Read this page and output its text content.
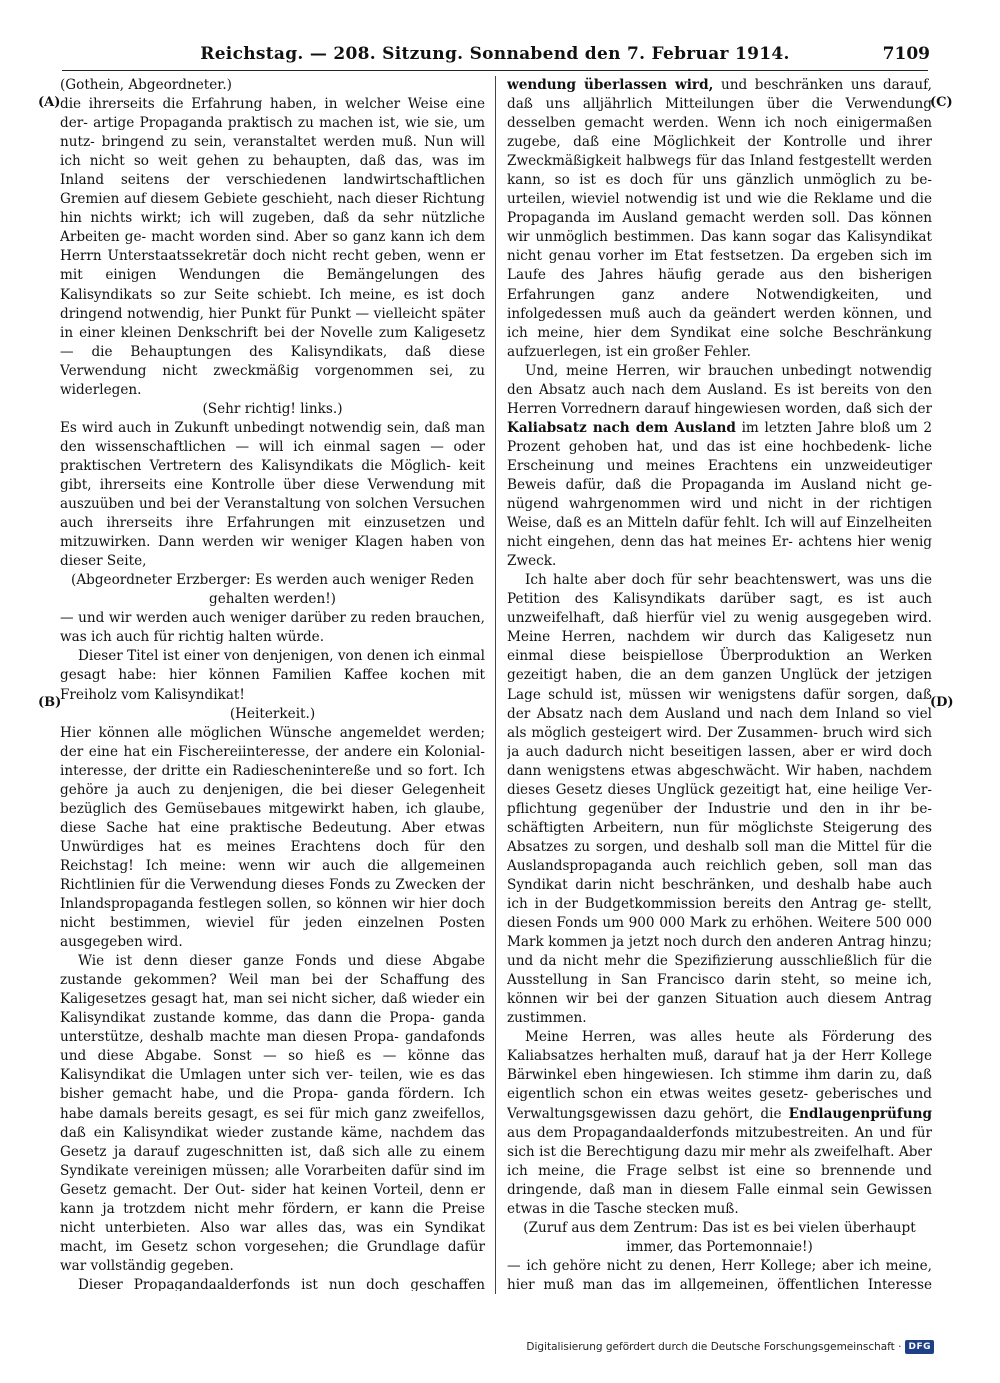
Reichstag. — 208. Sitzung. Sonnabend den 7. Februar 1914.	7109
(A)
(B)
(C)
(D)

(Gothein, Abgeordneter.)

die ihrerseits die Erfahrung haben, in welcher Weise eine der- artige Propaganda praktisch zu machen ist, wie sie, um nutz- bringend zu sein, veranstaltet werden muß. Nun will ich nicht so weit gehen zu behaupten, daß das, was im Inland seitens der verschiedenen landwirtschaftlichen Gremien auf diesem Gebiete geschieht, nach dieser Richtung hin nichts wirkt; ich will zugeben, daß da sehr nützliche Arbeiten ge- macht worden sind. Aber so ganz kann ich dem Herrn Unterstaatssekretär doch nicht recht geben, wenn er mit einigen Wendungen die Bemängelungen des Kalisyndikats so zur Seite schiebt. Ich meine, es ist doch dringend notwendig, hier Punkt für Punkt — vielleicht später in einer kleinen Denkschrift bei der Novelle zum Kaligesetz — die Behauptungen des Kalisyndikats, daß diese Verwendung nicht zweckmäßig vorgenommen sei, zu widerlegen.

(Sehr richtig! links.)

Es wird auch in Zukunft unbedingt notwendig sein, daß man den wissenschaftlichen — will ich einmal sagen — oder praktischen Vertretern des Kalisyndikats die Möglich- keit gibt, ihrerseits eine Kontrolle über diese Verwendung mit auszuüben und bei der Veranstaltung von solchen Versuchen auch ihrerseits ihre Erfahrungen mit einzusetzen und mitzuwirken. Dann werden wir weniger Klagen haben von dieser Seite,

(Abgeordneter Erzberger: Es werden auch weniger Reden gehalten werden!)

— und wir werden auch weniger darüber zu reden brauchen, was ich auch für richtig halten würde.

Dieser Titel ist einer von denjenigen, von denen ich einmal gesagt habe: hier können Familien Kaffee kochen mit Freiholz vom Kalisyndikat!

(Heiterkeit.)

Hier können alle möglichen Wünsche angemeldet werden; der eine hat ein Fischereiinteresse, der andere ein Kolonial- interesse, der dritte ein Radieschenintereße und so fort. Ich gehöre ja auch zu denjenigen, die bei dieser Gelegenheit bezüglich des Gemüsebaues mitgewirkt haben, ich glaube, diese Sache hat eine praktische Bedeutung. Aber etwas Unwürdiges hat es meines Erachtens doch für den Reichstag! Ich meine: wenn wir auch die allgemeinen Richtlinien für die Verwendung dieses Fonds zu Zwecken der Inlandspropaganda festlegen sollen, so können wir hier doch nicht bestimmen, wieviel für jeden einzelnen Posten ausgegeben wird.

Wie ist denn dieser ganze Fonds und diese Abgabe zustande gekommen? Weil man bei der Schaffung des Kaligesetzes gesagt hat, man sei nicht sicher, daß wieder ein Kalisyndikat zustande komme, das dann die Propa- ganda unterstütze, deshalb machte man diesen Propa- gandafonds und diese Abgabe. Sonst — so hieß es — könne das Kalisyndikat die Umlagen unter sich ver- teilen, wie es das bisher gemacht habe, und die Propa- ganda fördern. Ich habe damals bereits gesagt, es sei für mich ganz zweifellos, daß ein Kalisyndikat wieder zustande käme, nachdem das Gesetz ja darauf zugeschnitten ist, daß sich alle zu einem Syndikate vereinigen müssen; alle Vorarbeiten dafür sind im Gesetz gemacht. Der Out- sider hat keinen Vorteil, denn er kann ja trotzdem nicht mehr fördern, er kann die Preise nicht unterbieten. Also war alles das, was ein Syndikat macht, im Gesetz schon vorgesehen; die Grundlage dafür war vollständig gegeben.

Dieser Propagandaalderfonds ist nun doch geschaffen

wendung überlassen wird, und beschränken uns darauf, daß uns alljährlich Mitteilungen über die Verwendung desselben gemacht werden. Wenn ich noch einigermaßen zugebe, daß eine Möglichkeit der Kontrolle und ihrer Zweckmäßigkeit halbwegs für das Inland festgestellt werden kann, so ist es doch für uns gänzlich unmöglich zu be- urteilen, wieviel notwendig ist und wie die Reklame und die Propaganda im Ausland gemacht werden soll. Das können wir unmöglich bestimmen. Das kann sogar das Kalisyndikat nicht genau vorher im Etat festsetzen. Da ergeben sich im Laufe des Jahres häufig gerade aus den bisherigen Erfahrungen ganz andere Notwendigkeiten, und infolgedessen muß auch da geändert werden können, und ich meine, hier dem Syndikat eine solche Beschränkung aufzuerlegen, ist ein großer Fehler.

Und, meine Herren, wir brauchen unbedingt notwendig den Absatz auch nach dem Ausland. Es ist bereits von den Herren Vorrednern darauf hingewiesen worden, daß sich der Kaliabsatz nach dem Ausland im letzten Jahre bloß um 2 Prozent gehoben hat, und das ist eine hochbedenk- liche Erscheinung und meines Erachtens ein unzweideutiger Beweis dafür, daß die Propaganda im Ausland nicht ge- nügend wahrgenommen wird und nicht in der richtigen Weise, daß es an Mitteln dafür fehlt. Ich will auf Einzelheiten nicht eingehen, denn das hat meines Er- achtens hier wenig Zweck.

Ich halte aber doch für sehr beachtenswert, was uns die Petition des Kalisyndikats darüber sagt, es ist auch unzweifelhaft, daß hierfür viel zu wenig ausgegeben wird. Meine Herren, nachdem wir durch das Kaligesetz nun einmal diese beispiellose Überproduktion an Werken gezeitigt haben, die an dem ganzen Unglück der jetzigen Lage schuld ist, müssen wir wenigstens dafür sorgen, daß der Absatz nach dem Ausland und nach dem Inland so viel als möglich gesteigert wird. Der Zusammen- bruch wird sich ja auch dadurch nicht beseitigen lassen, aber er wird doch dann wenigstens etwas abgeschwächt. Wir haben, nachdem dieses Gesetz dieses Unglück gezeitigt hat, eine heilige Ver- pflichtung gegenüber der Industrie und den in ihr be- schäftigten Arbeitern, nun für möglichste Steigerung des Absatzes zu sorgen, und deshalb soll man die Mittel für die Auslandspropaganda auch reichlich geben, soll man das Syndikat darin nicht beschränken, und deshalb habe auch ich in der Budgetkommission bereits den Antrag ge- stellt, diesen Fonds um 900 000 Mark zu erhöhen. Weitere 500 000 Mark kommen ja jetzt noch durch den anderen Antrag hinzu; und da nicht mehr die Spezifizierung ausschließlich für die Ausstellung in San Francisco darin steht, so meine ich, können wir bei der ganzen Situation auch diesem Antrag zustimmen.

Meine Herren, was alles heute als Förderung des Kaliabsatzes herhalten muß, darauf hat ja der Herr Kollege Bärwinkel eben hingewiesen. Ich stimme ihm darin zu, daß eigentlich schon ein etwas weites gesetz- geberisches und Verwaltungsgewissen dazu gehört, die Endlaugenprüfung aus dem Propagandaalderfonds mitzubestreiten. An und für sich ist die Berechtigung dazu mir mehr als zweifelhaft. Aber ich meine, die Frage selbst ist eine so brennende und dringende, daß man in diesem Falle einmal sein Gewissen etwas in die Tasche stecken muß.

(Zuruf aus dem Zentrum: Das ist es bei vielen überhaupt immer, das Portemonnaie!)

— ich gehöre nicht zu denen, Herr Kollege; aber ich meine, hier muß man das im allgemeinen, öffentlichen Interesse

Digitalisierung gefördert durch die Deutsche Forschungsgemeinschaft · DFG
